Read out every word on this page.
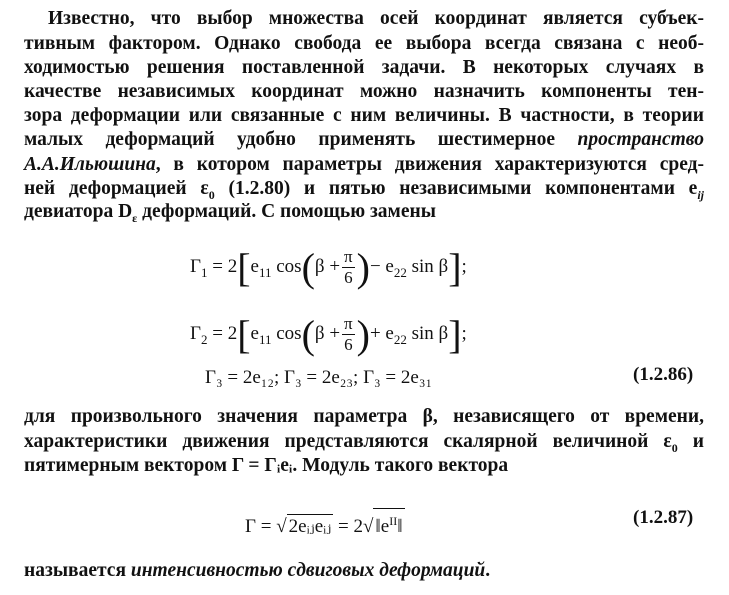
Известно, что выбор множества осей координат является субъек-
тивным фактором. Однако свобода ее выбора всегда связана с необ-
ходимостью решения поставленной задачи. В некоторых случаях в
качестве независимых координат можно назначить компоненты тен-
зора деформации или связанные с ним величины. В частности, в теории
малых деформаций удобно применять шестимерное пространство
А.А.Ильюшина, в котором параметры движения характеризуются сред-
ней деформацией $\varepsilon_0$ (1.2.80) и пятью независимыми компонентами $e_{ij}$
девиатора $D_\varepsilon$ деформаций. С помощью замены
$\Gamma_1 = 2[e_{11}$ $\cos(\beta + \frac{\pi}{6}$ )− $e_{22}$ sin β];
$\Gamma_2 = 2[e_{11}$ $\cos(\beta + \frac{\pi}{6}$ )+ $e_{22}$ sin β];
Γ₃ = 2e₁₂; Γ₃ = 2e₂₃; Γ₃ = 2e₃₁	(1.2.86)
для произвольного значения параметра β, независящего от времени,
характеристики движения представляются скалярной величиной $\varepsilon_0$ и
пятимерным вектором Γ = Γᵢeᵢ. Модуль такого вектора
Γ = √ 2eᵢⱼeᵢⱼ = 2√ $‖e^{II}‖$	(1.2.87)
называется интенсивностью сдвиговых деформаций.
